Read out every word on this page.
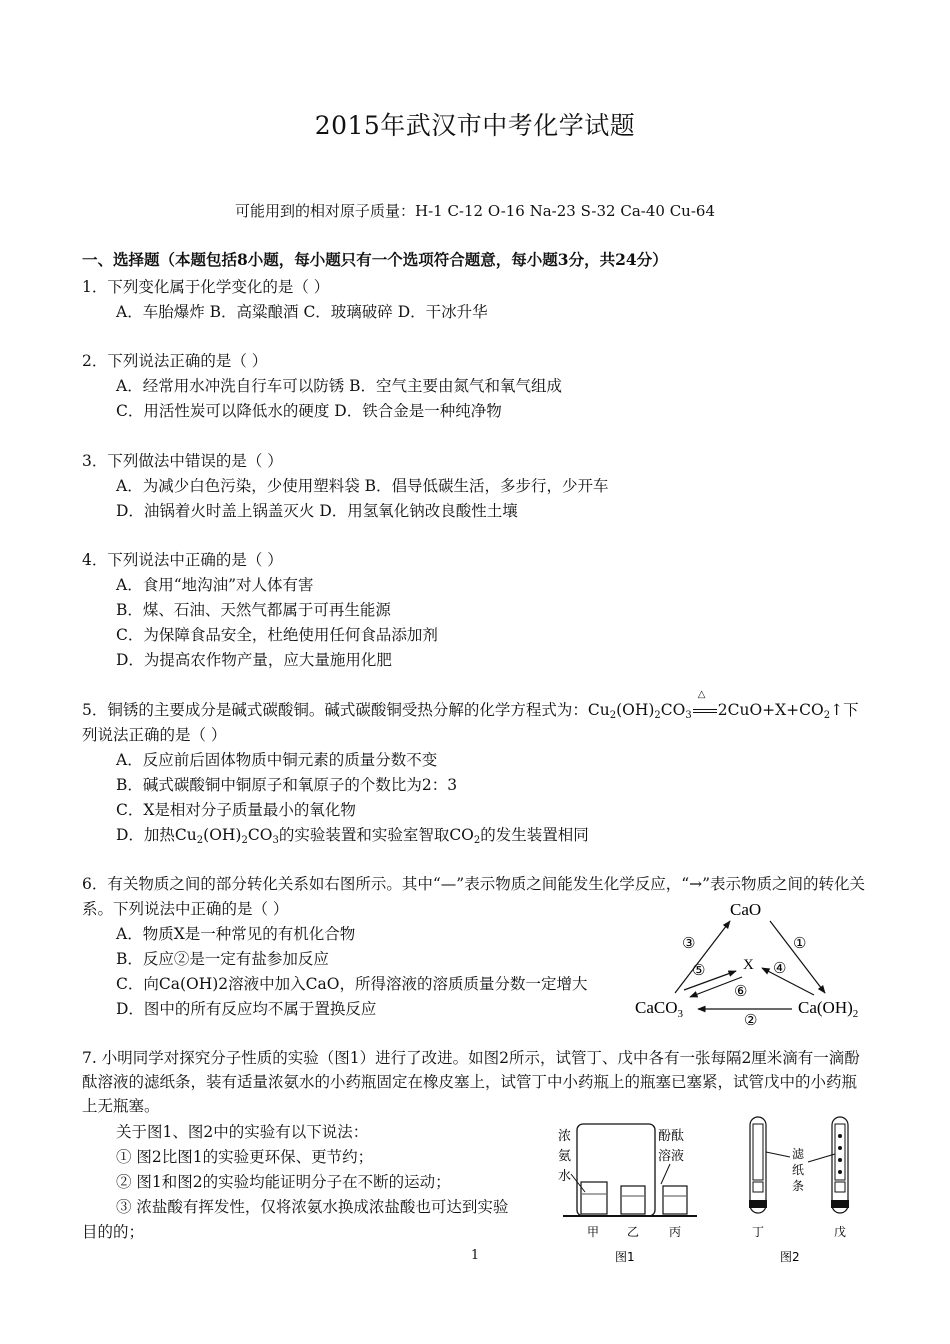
2015年武汉市中考化学试题
可能用到的相对原子质量：H-1 C-12 O-16 Na-23 S-32 Ca-40 Cu-64
一、选择题（本题包括8小题，每小题只有一个选项符合题意，每小题3分，共24分）
1．下列变化属于化学变化的是（ ）
A．车胎爆炸 B．高粱酿酒 C．玻璃破碎 D．干冰升华
2．下列说法正确的是（ ）
A．经常用水冲洗自行车可以防锈 B．空气主要由氮气和氧气组成
C．用活性炭可以降低水的硬度 D．铁合金是一种纯净物
3．下列做法中错误的是（ ）
A．为减少白色污染，少使用塑料袋 B．倡导低碳生活，多步行，少开车
D．油锅着火时盖上锅盖灭火 D．用氢氧化钠改良酸性土壤
4．下列说法中正确的是（ ）
A．食用“地沟油”对人体有害
B．煤、石油、天然气都属于可再生能源
C．为保障食品安全，杜绝使用任何食品添加剂
D．为提高农作物产量，应大量施用化肥
5．铜锈的主要成分是碱式碳酸铜。碱式碳酸铜受热分解的化学方程式为：$Cu_2(OH)_2CO_3$
△
$2CuO+X+CO_2↑$下
列说法正确的是（ ）
A．反应前后固体物质中铜元素的质量分数不变
B．碱式碳酸铜中铜原子和氧原子的个数比为2：3
C．X是相对分子质量最小的氧化物
D．加热$Cu_2(OH)_2CO_3$的实验装置和实验室智取$CO_2$的发生装置相同
6．有关物质之间的部分转化关系如右图所示。其中“—”表示物质之间能发生化学反应，“→”表示物质之间的转化关系。下列说法中正确的是（ ）
A．物质X是一种常见的有机化合物
B．反应②是一定有盐参加反应
C．向Ca(OH)2溶液中加入CaO，所得溶液的溶质质量分数一定增大
D．图中的所有反应均不属于置换反应
CaO
CaCO$_3$	$Ca(OH)_2$
X
③	①
⑤	④
⑥
②
7. 小明同学对探究分子性质的实验（图1）进行了改进。如图2所示，试管丁、戊中各有一张每隔2厘米滴有一滴酚酞溶液的滤纸条，装有适量浓氨水的小药瓶固定在橡皮塞上，试管丁中小药瓶上的瓶塞已塞紧，试管戊中的小药瓶上无瓶塞。
关于图1、图2中的实验有以下说法：
① 图2比图1的实验更环保、更节约；
② 图1和图2的实验均能证明分子在不断的运动；
③ 浓盐酸有挥发性，仅将浓氨水换成浓盐酸也可达到实验
目的的；
浓
氨
水
酚酞
溶液
甲 乙 丙
图1
滤
纸
条
丁	戊
图2
1
